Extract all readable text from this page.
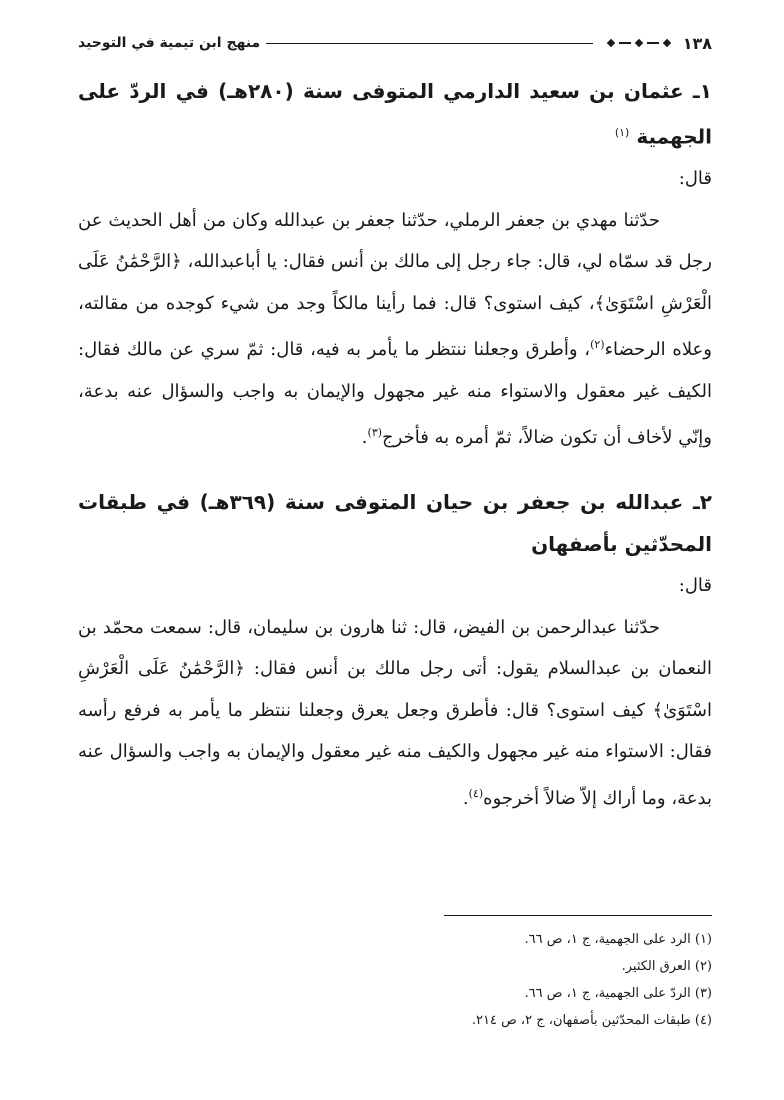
١٣٨
منهج ابن تيمية في التوحيد
١ـ عثمان بن سعيد الدارمي المتوفى سنة (٢٨٠هـ) في الردّ على الجهمية $^{(١)}$

قال:

حدّثنا مهدي بن جعفر الرملي، حدّثنا جعفر بن عبدالله وكان من أهل الحديث عن رجل قد سمّاه لي، قال: جاء رجل إلى مالك بن أنس فقال: يا أباعبدالله، ﴿الرَّحْمَٰنُ عَلَى الْعَرْشِ اسْتَوَىٰ﴾، كيف استوى؟ قال: فما رأينا مالكاً وجد من شيء كوجده من مقالته، وعلاه الرحضاء$^{(٢)}$، وأطرق وجعلنا ننتظر ما يأمر به فيه، قال: ثمّ سري عن مالك فقال: الكيف غير معقول والاستواء منه غير مجهول والإيمان به واجب والسؤال عنه بدعة، وإنّي لأخاف أن تكون ضالاً، ثمّ أمره به فأخرج$^{(٣)}$.

٢ـ عبدالله بن جعفر بن حيان المتوفى سنة (٣٦٩هـ) في طبقات المحدّثين بأصفهان

قال:

حدّثنا عبدالرحمن بن الفيض، قال: ثنا هارون بن سليمان، قال: سمعت محمّد بن النعمان بن عبدالسلام يقول: أتى رجل مالك بن أنس فقال: ﴿الرَّحْمَٰنُ عَلَى الْعَرْشِ اسْتَوَىٰ﴾ كيف استوى؟ قال: فأطرق وجعل يعرق وجعلنا ننتظر ما يأمر به فرفع رأسه فقال: الاستواء منه غير مجهول والكيف منه غير معقول والإيمان به واجب والسؤال عنه بدعة، وما أراك إلاّ ضالاً أخرجوه$^{(٤)}$.

(١) الرد على الجهمية، ج ١، ص ٦٦.

(٢) العرق الكثير.

(٣) الردّ على الجهمية، ج ١، ص ٦٦.

(٤) طبقات المحدّثين بأصفهان، ج ٢، ص ٢١٤.
